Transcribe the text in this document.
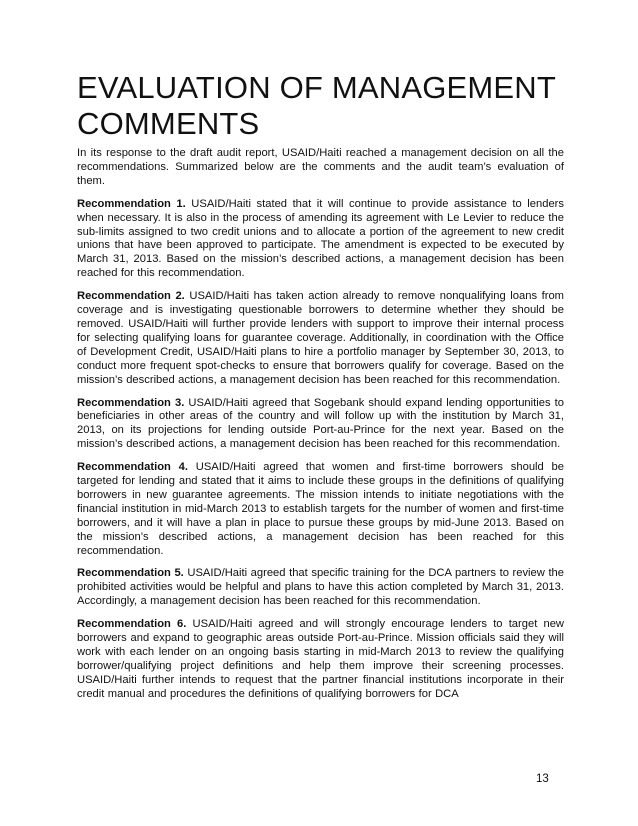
EVALUATION OF MANAGEMENT COMMENTS

In its response to the draft audit report, USAID/Haiti reached a management decision on all the recommendations. Summarized below are the comments and the audit team’s evaluation of them.

Recommendation 1. USAID/Haiti stated that it will continue to provide assistance to lenders when necessary. It is also in the process of amending its agreement with Le Levier to reduce the sub-limits assigned to two credit unions and to allocate a portion of the agreement to new credit unions that have been approved to participate. The amendment is expected to be executed by March 31, 2013. Based on the mission’s described actions, a management decision has been reached for this recommendation.

Recommendation 2. USAID/Haiti has taken action already to remove nonqualifying loans from coverage and is investigating questionable borrowers to determine whether they should be removed. USAID/Haiti will further provide lenders with support to improve their internal process for selecting qualifying loans for guarantee coverage. Additionally, in coordination with the Office of Development Credit, USAID/Haiti plans to hire a portfolio manager by September 30, 2013, to conduct more frequent spot-checks to ensure that borrowers qualify for coverage. Based on the mission’s described actions, a management decision has been reached for this recommendation.

Recommendation 3. USAID/Haiti agreed that Sogebank should expand lending opportunities to beneficiaries in other areas of the country and will follow up with the institution by March 31, 2013, on its projections for lending outside Port-au-Prince for the next year. Based on the mission’s described actions, a management decision has been reached for this recommendation.

Recommendation 4. USAID/Haiti agreed that women and first-time borrowers should be targeted for lending and stated that it aims to include these groups in the definitions of qualifying borrowers in new guarantee agreements. The mission intends to initiate negotiations with the financial institution in mid-March 2013 to establish targets for the number of women and first-time borrowers, and it will have a plan in place to pursue these groups by mid-June 2013. Based on the mission’s described actions, a management decision has been reached for this recommendation.

Recommendation 5. USAID/Haiti agreed that specific training for the DCA partners to review the prohibited activities would be helpful and plans to have this action completed by March 31, 2013. Accordingly, a management decision has been reached for this recommendation.

Recommendation 6. USAID/Haiti agreed and will strongly encourage lenders to target new borrowers and expand to geographic areas outside Port-au-Prince. Mission officials said they will work with each lender on an ongoing basis starting in mid-March 2013 to review the qualifying borrower/qualifying project definitions and help them improve their screening processes. USAID/Haiti further intends to request that the partner financial institutions incorporate in their credit manual and procedures the definitions of qualifying borrowers for DCA

13
